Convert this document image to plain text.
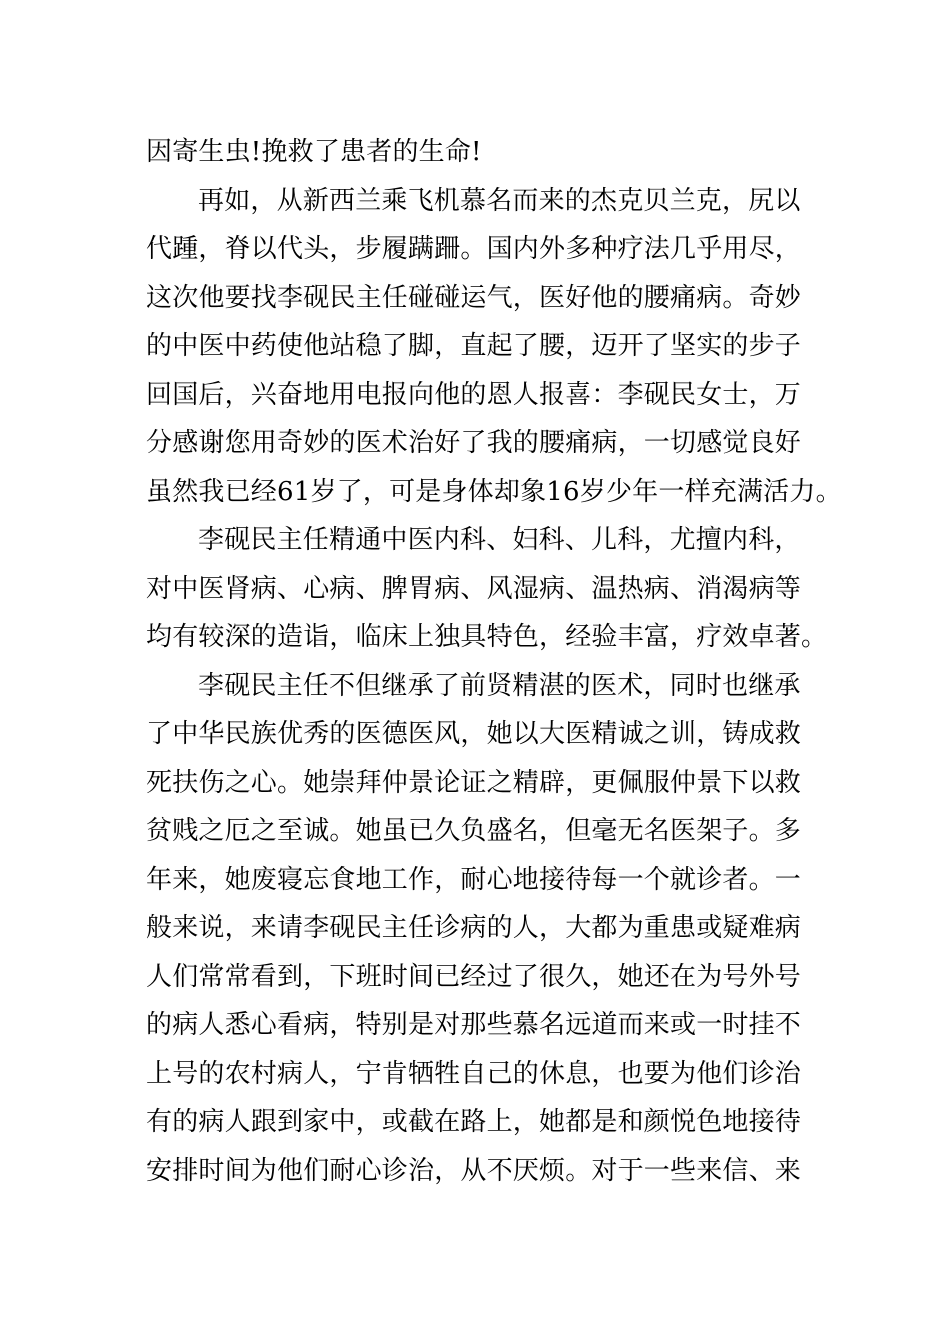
因寄生虫!挽救了患者的生命!
再如，从新西兰乘飞机慕名而来的杰克贝兰克，尻以
代踵，脊以代头，步履蹒跚。国内外多种疗法几乎用尽，
这次他要找李砚民主任碰碰运气，医好他的腰痛病。奇妙
的中医中药使他站稳了脚，直起了腰，迈开了坚实的步子
回国后，兴奋地用电报向他的恩人报喜：李砚民女士，万
分感谢您用奇妙的医术治好了我的腰痛病，一切感觉良好
虽然我已经61岁了，可是身体却象16岁少年一样充满活力。
李砚民主任精通中医内科、妇科、儿科，尤擅内科，
对中医肾病、心病、脾胃病、风湿病、温热病、消渴病等
均有较深的造诣，临床上独具特色，经验丰富，疗效卓著。
李砚民主任不但继承了前贤精湛的医术，同时也继承
了中华民族优秀的医德医风，她以大医精诚之训，铸成救
死扶伤之心。她崇拜仲景论证之精辟，更佩服仲景下以救
贫贱之厄之至诚。她虽已久负盛名，但毫无名医架子。多
年来，她废寝忘食地工作，耐心地接待每一个就诊者。一
般来说，来请李砚民主任诊病的人，大都为重患或疑难病
人们常常看到，下班时间已经过了很久，她还在为号外号
的病人悉心看病，特别是对那些慕名远道而来或一时挂不
上号的农村病人，宁肯牺牲自己的休息，也要为他们诊治
有的病人跟到家中，或截在路上，她都是和颜悦色地接待
安排时间为他们耐心诊治，从不厌烦。对于一些来信、来
